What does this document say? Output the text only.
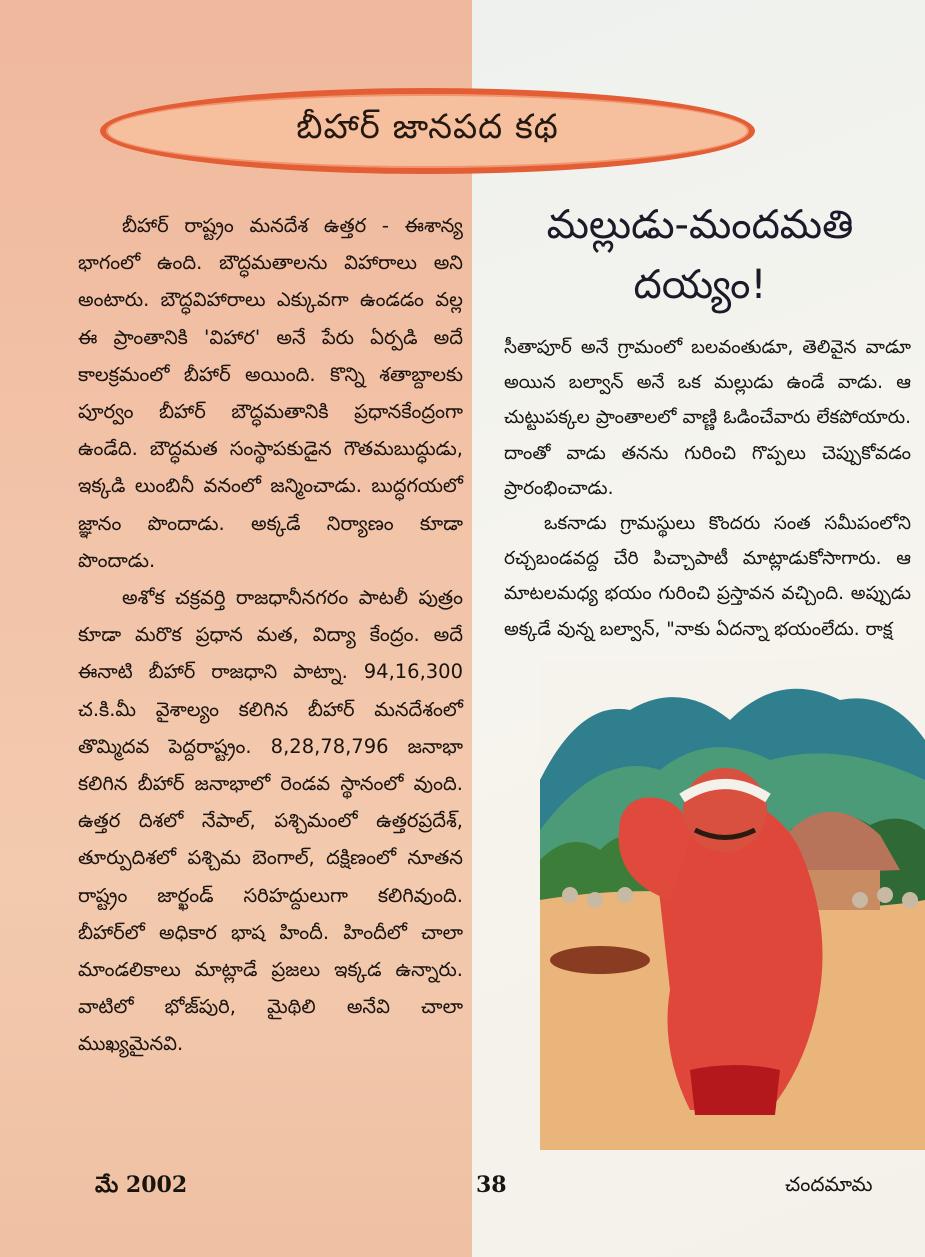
బీహార్ జానపద కథ
మల్లుడు-మందమతి
దయ్యం!

బీహార్ రాష్ట్రం మనదేశ ఉత్తర - ఈశాన్య భాగంలో ఉంది. బౌద్ధమతాలను విహారాలు అని అంటారు. బౌద్ధవిహారాలు ఎక్కువగా ఉండడం వల్ల ఈ ప్రాంతానికి 'విహార' అనే పేరు ఏర్పడి అదే కాలక్రమంలో బీహార్ అయింది. కొన్ని శతాబ్దాలకు పూర్వం బీహార్ బౌద్ధమతానికి ప్రధానకేంద్రంగా ఉండేది. బౌద్ధమత సంస్థాపకుడైన గౌతమబుద్ధుడు, ఇక్కడి లుంబినీ వనంలో జన్మించాడు. బుద్ధగయలో జ్ఞానం పొందాడు. అక్కడే నిర్యాణం కూడా పొందాడు.

అశోక చక్రవర్తి రాజధానీనగరం పాటలీ పుత్రం కూడా మరొక ప్రధాన మత, విద్యా కేంద్రం. అదే ఈనాటి బీహార్ రాజధాని పాట్నా. 94,16,300 చ.కి.మీ వైశాల్యం కలిగిన బీహార్ మనదేశంలో తొమ్మిదవ పెద్దరాష్ట్రం. 8,28,78,796 జనాభా కలిగిన బీహార్ జనాభాలో రెండవ స్థానంలో వుంది. ఉత్తర దిశలో నేపాల్, పశ్చిమంలో ఉత్తరప్రదేశ్, తూర్పుదిశలో పశ్చిమ బెంగాల్, దక్షిణంలో నూతన రాష్ట్రం జార్ఖండ్ సరిహద్దులుగా కలిగివుంది. బీహార్‌లో అధికార భాష హిందీ. హిందీలో చాలా మాండలికాలు మాట్లాడే ప్రజలు ఇక్కడ ఉన్నారు. వాటిలో భోజ్‌పురి, మైథిలి అనేవి చాలా ముఖ్యమైనవి.

సీతాపూర్ అనే గ్రామంలో బలవంతుడూ, తెలివైన వాడూ అయిన బల్వాన్ అనే ఒక మల్లుడు ఉండే వాడు. ఆ చుట్టుపక్కల ప్రాంతాలలో వాణ్ణి ఓడించేవారు లేకపోయారు. దాంతో వాడు తనను గురించి గొప్పలు చెప్పుకోవడం ప్రారంభించాడు.

ఒకనాడు గ్రామస్థులు కొందరు సంత సమీపంలోని రచ్చబండవద్ద చేరి పిచ్చాపాటీ మాట్లాడుకోసాగారు. ఆ మాటలమధ్య భయం గురించి ప్రస్తావన వచ్చింది. అప్పుడు అక్కడే వున్న బల్వాన్, "నాకు ఏదన్నా భయంలేదు. రాక్ష

మే 2002	38	చందమామ
